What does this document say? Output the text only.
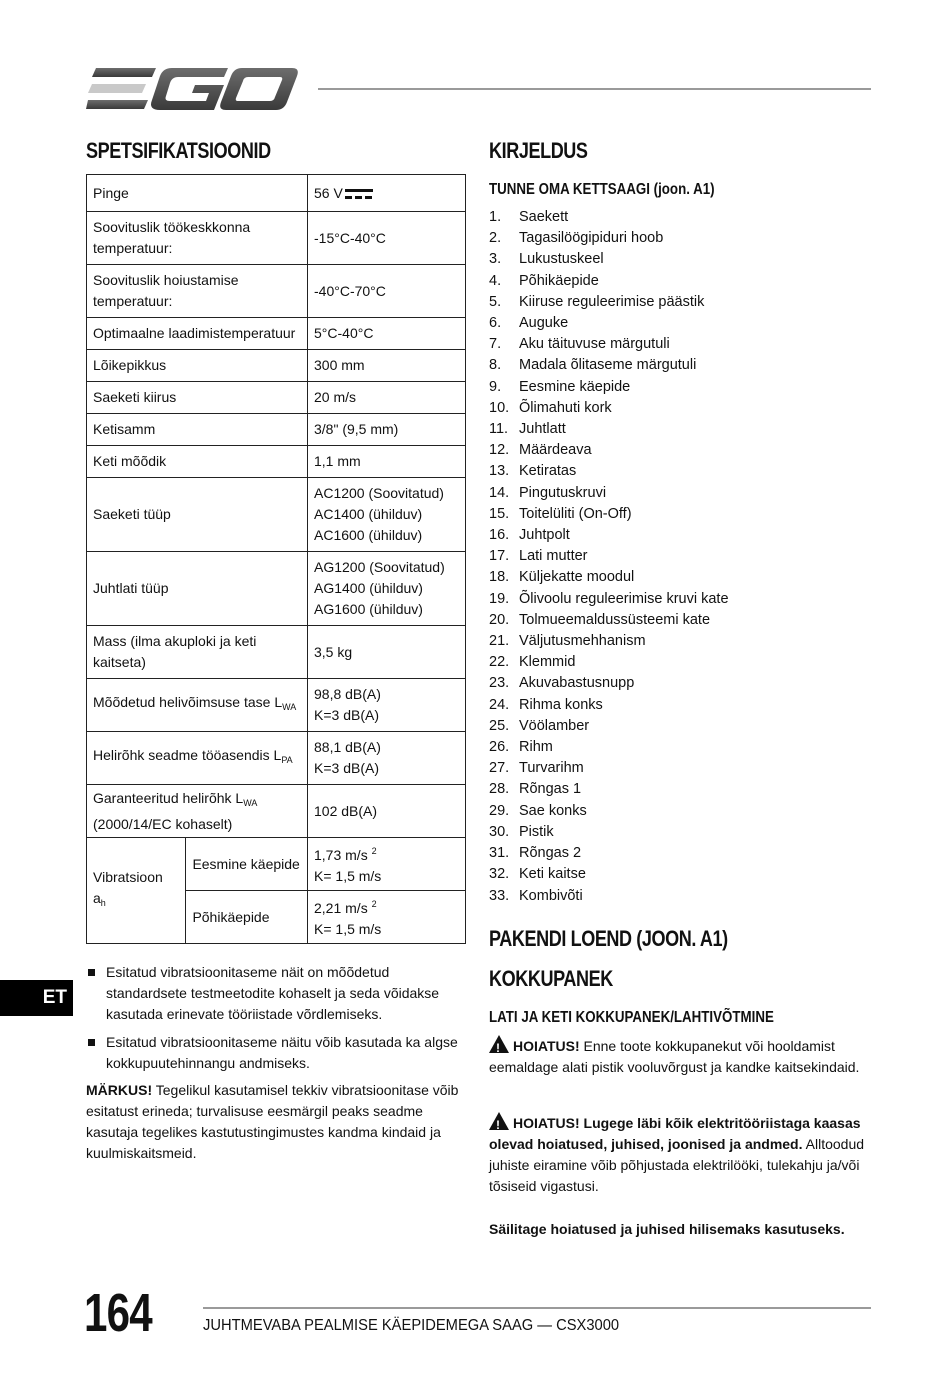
SPETSIFIKATSIOONID
Pinge		56 V
Soovituslik töökeskkonna temperatuur:		-15°C-40°C
Soovituslik hoiustamise temperatuur:		-40°C-70°C
Optimaalne laadimistemperatuur		5°C-40°C
Lõikepikkus		300 mm
Saeketi kiirus		20 m/s
Ketisamm		3/8" (9,5 mm)
Keti mõõdik		1,1 mm
Saeketi tüüp		AC1200 (Soovitatud)
AC1400 (ühilduv)
AC1600 (ühilduv)

Juhtlati tüüp		AG1200 (Soovitatud)
AG1400 (ühilduv)
AG1600 (ühilduv)

Mass (ilma akuploki ja keti kaitseta)		3,5 kg
Mõõdetud helivõimsuse tase $L_{WA}$		98,8 dB(A)
K=3 dB(A)

Helirõhk seadme tööasendis $L_{PA}$		88,1 dB(A)
K=3 dB(A)

Garanteeritud helirõhk $L_{WA}$
(2000/14/EC kohaselt)		102 dB(A)
Vibratsioon $a_h$	Eesmine käepide	1,73 m/s $^2$
K= 1,5 m/s

	Põhikäepide	2,21 m/s $^2$
K= 1,5 m/s
Esitatud vibratsioonitaseme näit on mõõdetud standardsete testmeetodite kohaselt ja seda võidakse kasutada erinevate tööriistade võrdlemiseks.
Esitatud vibratsioonitaseme näitu võib kasutada ka algse kokkupuutehinnangu andmiseks.
MÄRKUS! Tegelikul kasutamisel tekkiv vibratsioonitase võib esitatust erineda; turvalisuse eesmärgil peaks seadme kasutaja tegelikes kastutustingimustes kandma kindaid ja kuulmiskaitsmeid.
ET
KIRJELDUS
TUNNE OMA KETTSAAGI (joon. A1)
1. Saekett
2. Tagasilöögipiduri hoob
3. Lukustuskeel
4. Põhikäepide
5. Kiiruse reguleerimise päästik
6. Auguke
7. Aku täituvuse märgutuli
8. Madala õlitaseme märgutuli
9. Eesmine käepide
10. Õlimahuti kork
11. Juhtlatt
12. Määrdeava
13. Ketiratas
14. Pingutuskruvi
15. Toitelüliti (On-Off)
16. Juhtpolt
17. Lati mutter
18. Küljekatte moodul
19. Õlivoolu reguleerimise kruvi kate
20. Tolmueemaldussüsteemi kate
21. Väljutusmehhanism
22. Klemmid
23. Akuvabastusnupp
24. Rihma konks
25. Vöölamber
26. Rihm
27. Turvarihm
28. Rõngas 1
29. Sae konks
30. Pistik
31. Rõngas 2
32. Keti kaitse
33. Kombivõti
PAKENDI LOEND (JOON. A1)
KOKKUPANEK
LATI JA KETI KOKKUPANEK/LAHTIVÕTMINE
!HOIATUS! Enne toote kokkupanekut või hooldamist eemaldage alati pistik vooluvõrgust ja kandke kaitsekindaid.
!HOIATUS! Lugege läbi kõik elektritööriistaga kaasas olevad hoiatused, juhised, joonised ja andmed. Alltoodud juhiste eiramine võib põhjustada elektrilööki, tulekahju ja/või tõsiseid vigastusi.
Säilitage hoiatused ja juhised hilisemaks kasutuseks.
164	JUHTMEVABA PEALMISE KÄEPIDEMEGA SAAG — CSX3000
